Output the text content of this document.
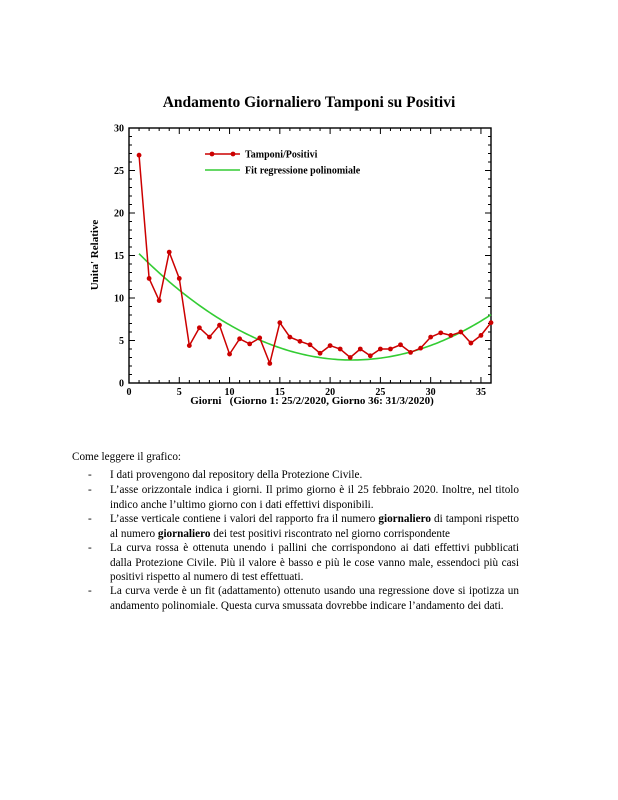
Andamento Giornaliero Tamponi su Positivi
0	5	10	15	20	25	30	35
0
5
10
15
20
25
30
Unita' Relative
Giorni   (Giorno 1: 25/2/2020, Giorno 36: 31/3/2020)
Tamponi/Positivi
Fit regressione polinomiale
Come leggere il grafico:
- I dati provengono dal repository della Protezione Civile.
- L’asse orizzontale indica i giorni. Il primo giorno è il 25 febbraio 2020. Inoltre, nel titolo indico anche l’ultimo giorno con i dati effettivi disponibili.
- L’asse verticale contiene i valori del rapporto fra il numero giornaliero di tamponi rispetto al numero giornaliero dei test positivi riscontrato nel giorno corrispondente
- La curva rossa è ottenuta unendo i pallini che corrispondono ai dati effettivi pubblicati dalla Protezione Civile. Più il valore è basso e più le cose vanno male, essendoci più casi positivi rispetto al numero di test effettuati.
- La curva verde è un fit (adattamento) ottenuto usando una regressione dove si ipotizza un andamento polinomiale. Questa curva smussata dovrebbe indicare l’andamento dei dati.
